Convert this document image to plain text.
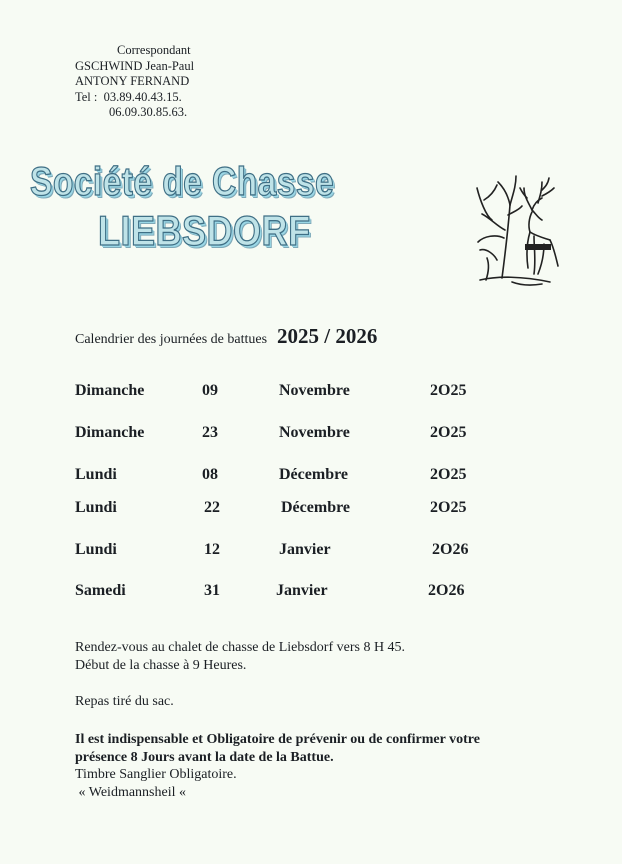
Correspondant
GSCHWIND Jean-Paul
ANTONY FERNAND
Tel :  03.89.40.43.15.
06.09.30.85.63.
Société de Chasse
LIEBSDORF
Calendrier des journées de battues 2025 / 2026
Dimanche	09	Novembre	2O25
Dimanche	23	Novembre	2O25
Lundi	08	Décembre	2O25
Lundi	22	Décembre	2O25
Lundi	12	Janvier	2O26
Samedi	31	Janvier	2O26
Rendez-vous au chalet de chasse de Liebsdorf vers 8 H 45.
Début de la chasse à 9 Heures.
Repas tiré du sac.
Il est indispensable et Obligatoire de prévenir ou de confirmer votre
présence 8 Jours avant la date de la Battue.
Timbre Sanglier Obligatoire.
« Weidmannsheil «
